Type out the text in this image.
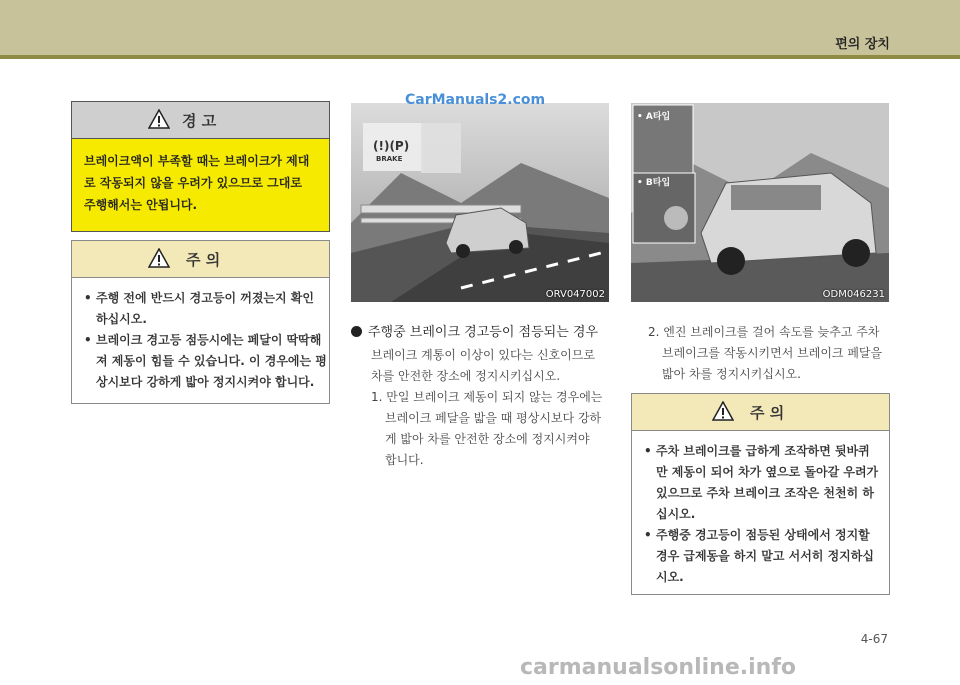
편의 장치
경 고
브레이크액이 부족할 때는 브레이크가 제대
로 작동되지 않을 우려가 있으므로 그대로
주행해서는 안됩니다.
주 의
• 주행 전에 반드시 경고등이 꺼졌는지 확인
하십시오.
• 브레이크 경고등 점등시에는 페달이 딱딱해
져 제동이 힘들 수 있습니다. 이 경우에는 평
상시보다 강하게 밟아 정지시켜야 합니다.
(!)(P)
BRAKE
ORV047002
CarManuals2.com
• A타입
• B타입
ODM046231
주행중 브레이크 경고등이 점등되는 경우
브레이크 계통이 이상이 있다는 신호이므로
차를 안전한 장소에 정지시키십시오.
1. 만일 브레이크 제동이 되지 않는 경우에는
브레이크 페달을 밟을 때 평상시보다 강하
게 밟아 차를 안전한 장소에 정지시켜야
합니다.
2. 엔진 브레이크를 걸어 속도를 늦추고 주차
브레이크를 작동시키면서 브레이크 페달을
밟아 차를 정지시키십시오.
주 의
• 주차 브레이크를 급하게 조작하면 뒷바퀴
만 제동이 되어 차가 옆으로 돌아갈 우려가
있으므로 주차 브레이크 조작은 천천히 하
십시오.
• 주행중 경고등이 점등된 상태에서 정지할
경우 급제동을 하지 말고 서서히 정지하십
시오.
4-67
carmanualsonline.info
